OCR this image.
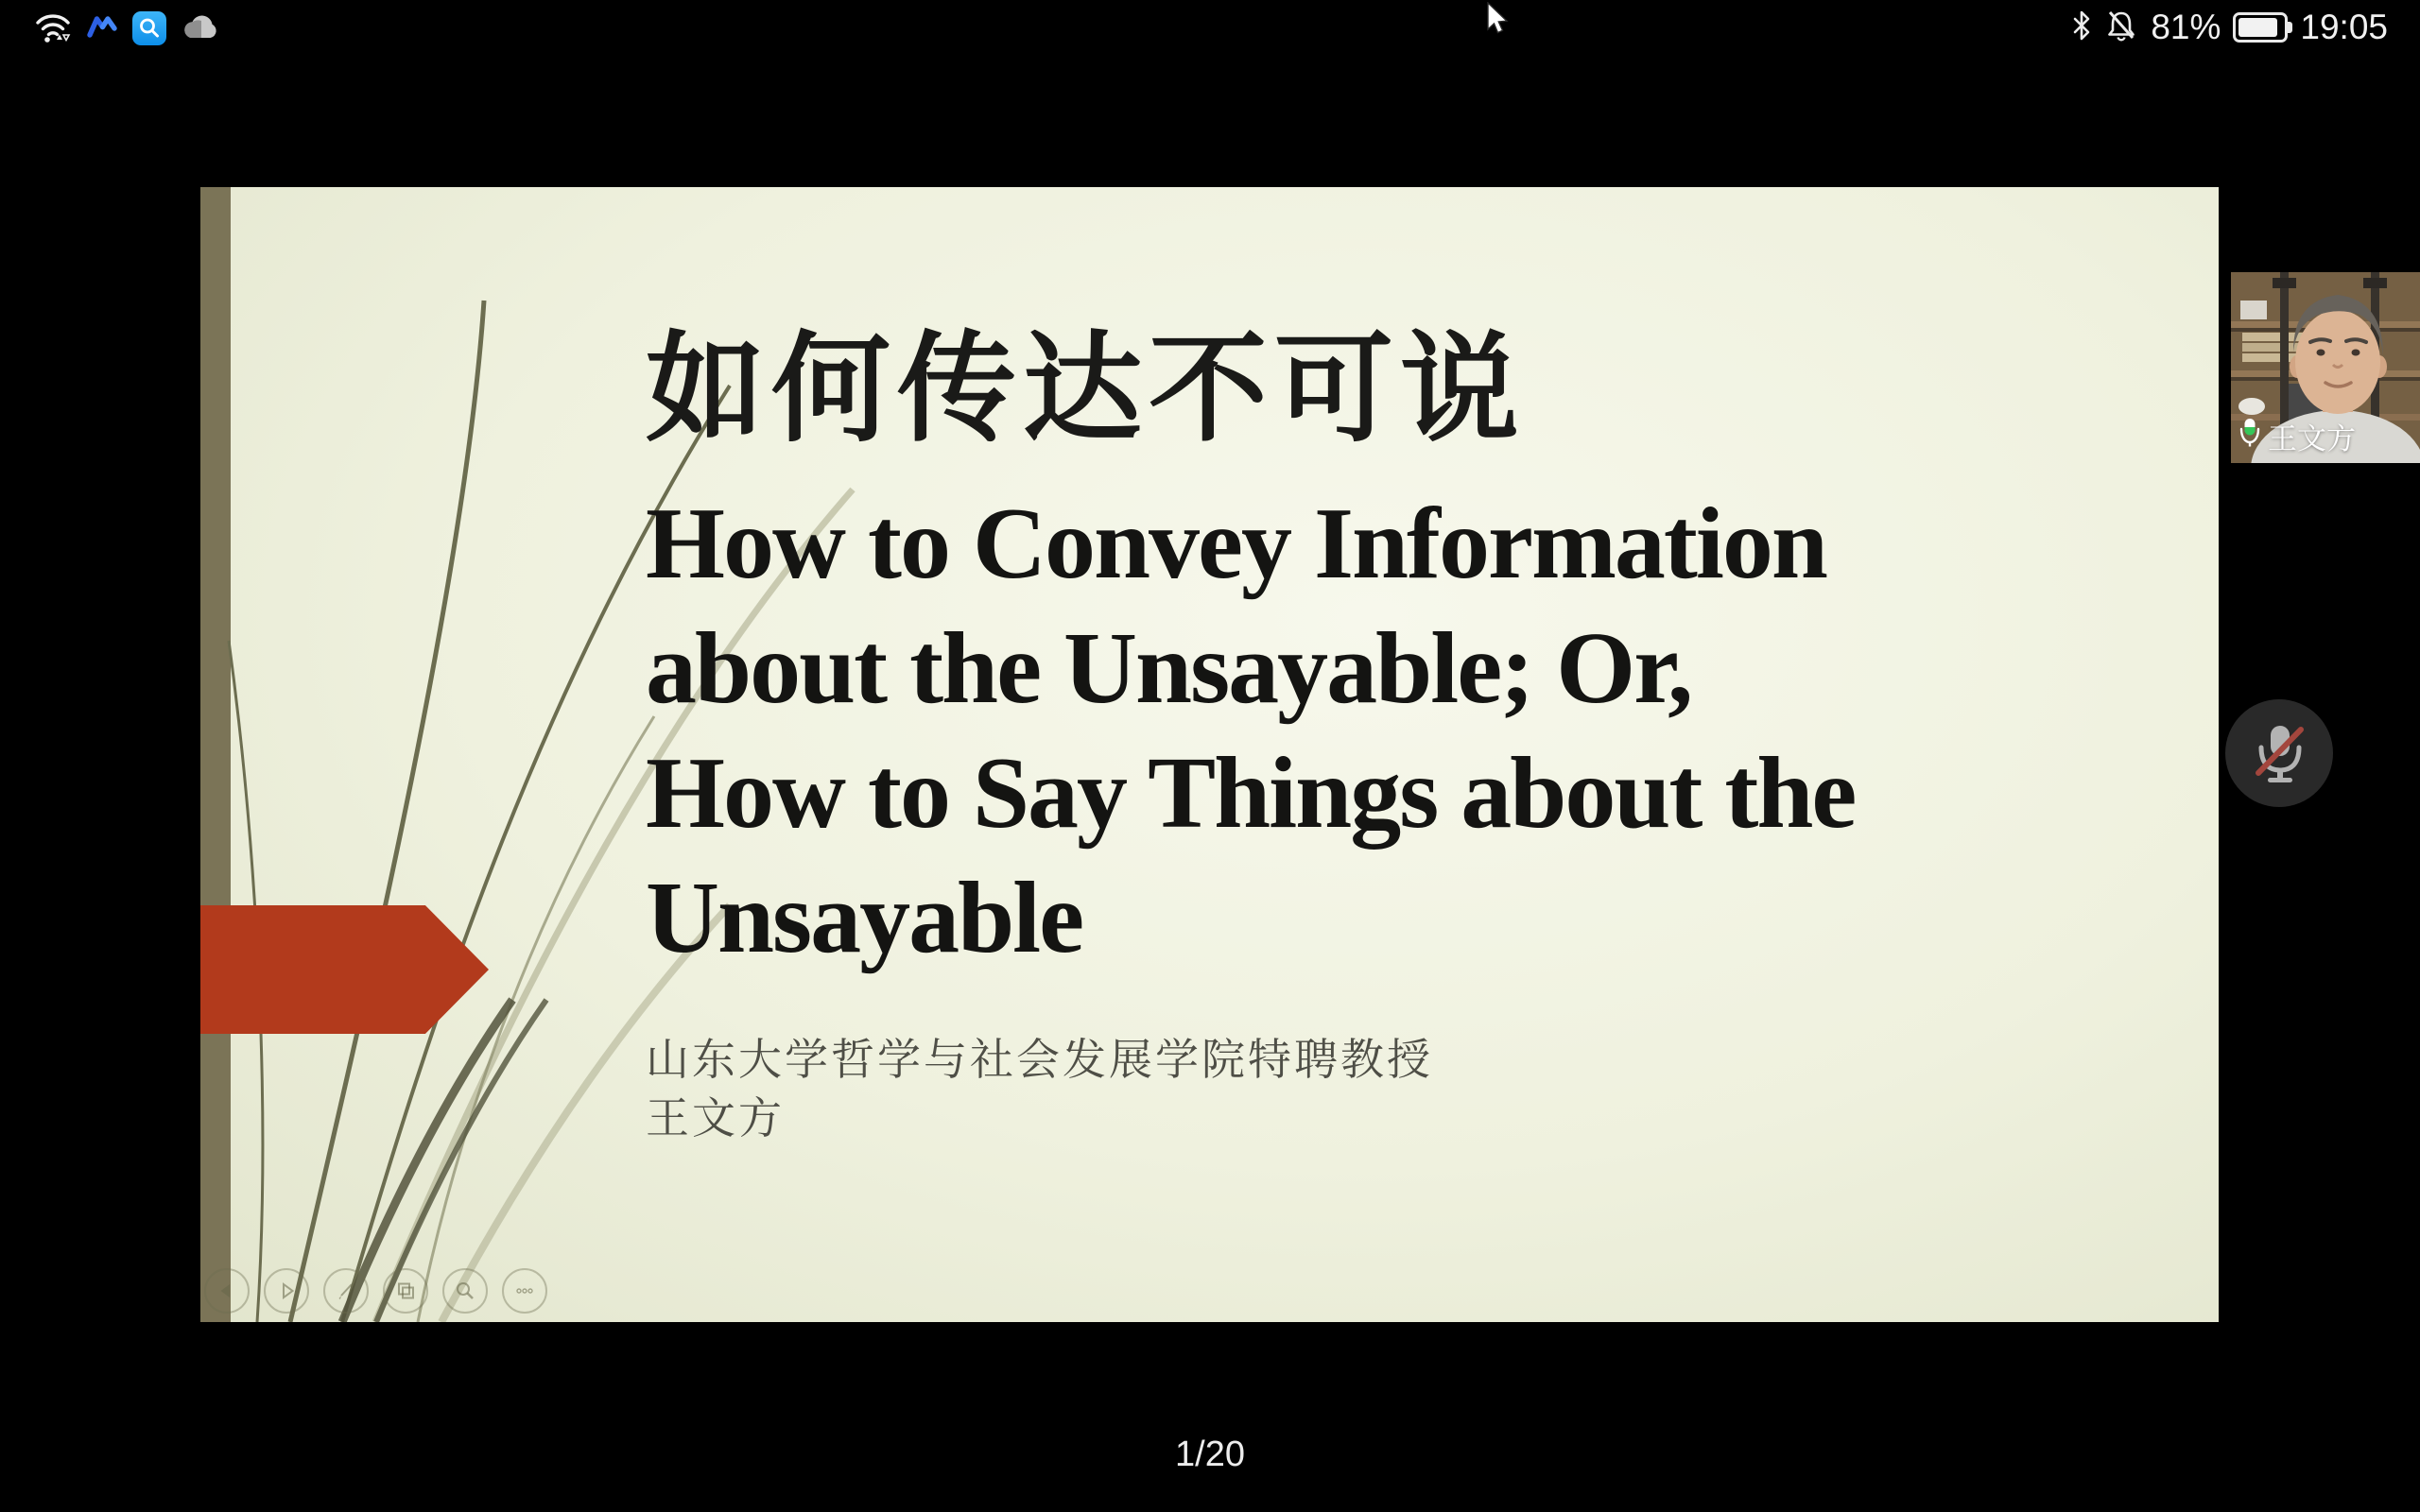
81% 19:05
如何传达不可说
How to Convey Information
about the Unsayable; Or,
How to Say Things about the
Unsayable
山东大学哲学与社会发展学院特聘教授
王文方
王文方
1/20
